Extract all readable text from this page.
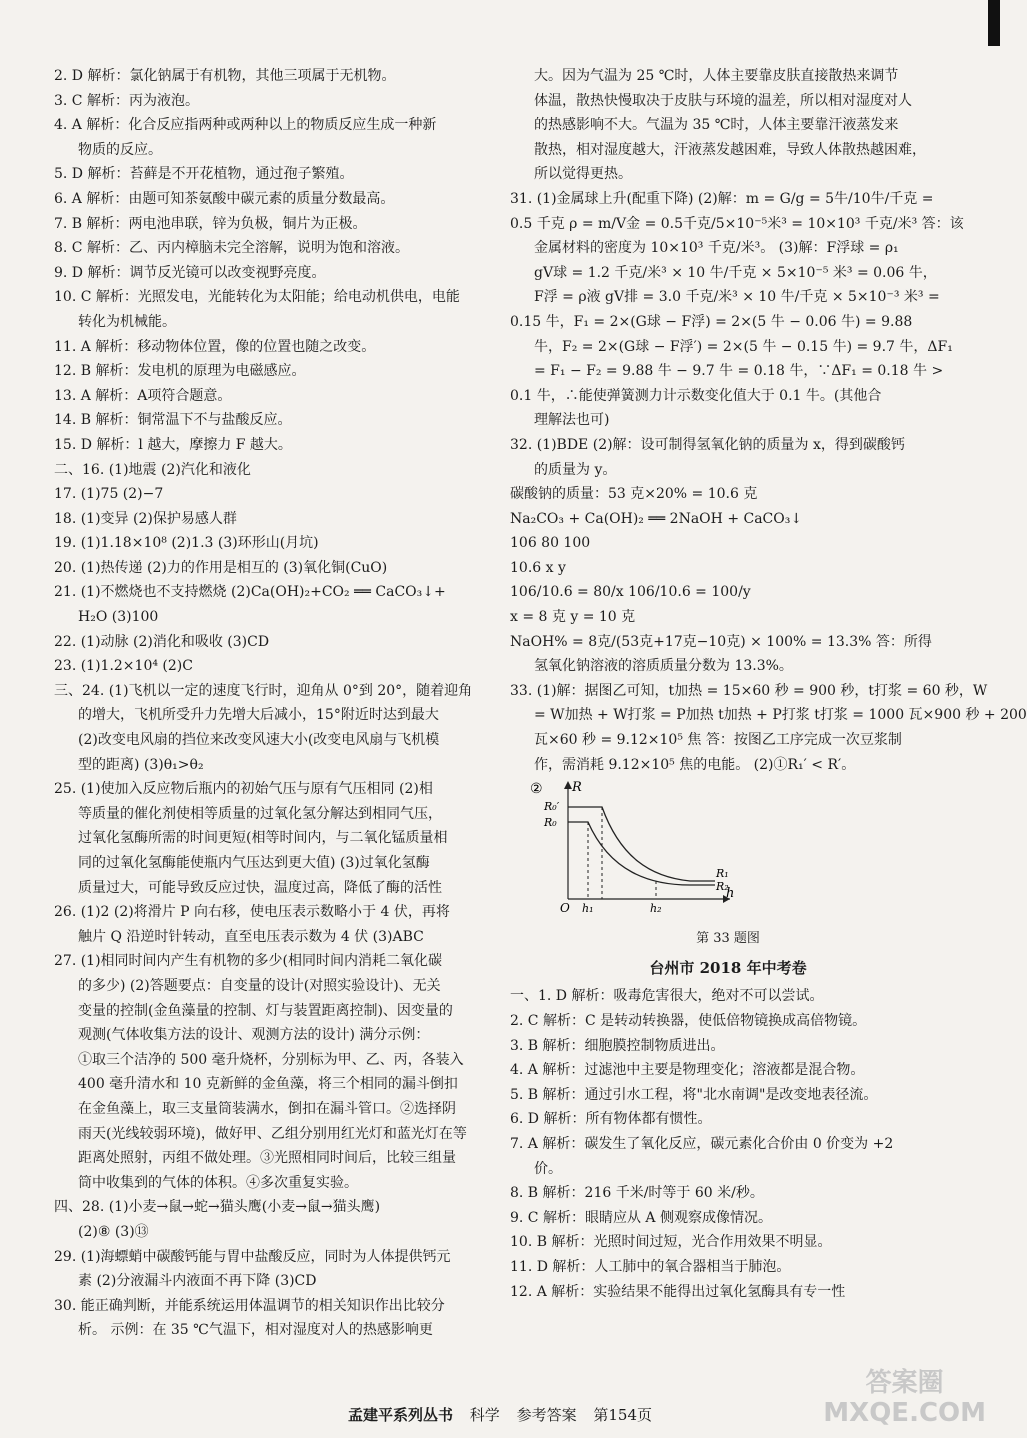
2. D 解析：氯化钠属于有机物，其他三项属于无机物。
3. C 解析：丙为液泡。
4. A 解析：化合反应指两种或两种以上的物质反应生成一种新
物质的反应。
5. D 解析：苔藓是不开花植物，通过孢子繁殖。
6. A 解析：由题可知茶氨酸中碳元素的质量分数最高。
7. B 解析：两电池串联，锌为负极，铜片为正极。
8. C 解析：乙、丙内樟脑未完全溶解，说明为饱和溶液。
9. D 解析：调节反光镜可以改变视野亮度。
10. C 解析：光照发电，光能转化为太阳能；给电动机供电，电能
转化为机械能。
11. A 解析：移动物体位置，像的位置也随之改变。
12. B 解析：发电机的原理为电磁感应。
13. A 解析：A项符合题意。
14. B 解析：铜常温下不与盐酸反应。
15. D 解析：l 越大，摩擦力 F 越大。
二、16. (1)地震 (2)汽化和液化
17. (1)75 (2)−7
18. (1)变异 (2)保护易感人群
19. (1)1.18×10⁸ (2)1.3 (3)环形山(月坑)
20. (1)热传递 (2)力的作用是相互的 (3)氧化铜(CuO)
21. (1)不燃烧也不支持燃烧 (2)Ca(OH)₂+CO₂ ══ CaCO₃↓+
H₂O (3)100
22. (1)动脉 (2)消化和吸收 (3)CD
23. (1)1.2×10⁴ (2)C
三、24. (1)飞机以一定的速度飞行时，迎角从 0°到 20°，随着迎角
的增大，飞机所受升力先增大后减小，15°附近时达到最大
(2)改变电风扇的挡位来改变风速大小(改变电风扇与飞机模
型的距离) (3)θ₁>θ₂
25. (1)使加入反应物后瓶内的初始气压与原有气压相同 (2)相
等质量的催化剂使相等质量的过氧化氢分解达到相同气压，
过氧化氢酶所需的时间更短(相等时间内，与二氧化锰质量相
同的过氧化氢酶能使瓶内气压达到更大值) (3)过氧化氢酶
质量过大，可能导致反应过快，温度过高，降低了酶的活性
26. (1)2 (2)将滑片 P 向右移，使电压表示数略小于 4 伏，再将
触片 Q 沿逆时针转动，直至电压表示数为 4 伏 (3)ABC
27. (1)相同时间内产生有机物的多少(相同时间内消耗二氧化碳
的多少) (2)答题要点：自变量的设计(对照实验设计)、无关
变量的控制(金鱼藻量的控制、灯与装置距离控制)、因变量的
观测(气体收集方法的设计、观测方法的设计) 满分示例：
①取三个洁净的 500 毫升烧杯，分别标为甲、乙、丙，各装入
400 毫升清水和 10 克新鲜的金鱼藻，将三个相同的漏斗倒扣
在金鱼藻上，取三支量筒装满水，倒扣在漏斗管口。②选择阴
雨天(光线较弱环境)，做好甲、乙组分别用红光灯和蓝光灯在等
距离处照射，丙组不做处理。③光照相同时间后，比较三组量
筒中收集到的气体的体积。④多次重复实验。
四、28. (1)小麦→鼠→蛇→猫头鹰(小麦→鼠→猫头鹰)
(2)⑧ (3)⑬
29. (1)海螵蛸中碳酸钙能与胃中盐酸反应，同时为人体提供钙元
素 (2)分液漏斗内液面不再下降 (3)CD
30. 能正确判断，并能系统运用体温调节的相关知识作出比较分
析。 示例：在 35 ℃气温下，相对湿度对人的热感影响更
大。因为气温为 25 ℃时，人体主要靠皮肤直接散热来调节
体温，散热快慢取决于皮肤与环境的温差，所以相对湿度对人
的热感影响不大。气温为 35 ℃时，人体主要靠汗液蒸发来
散热，相对湿度越大，汗液蒸发越困难，导致人体散热越困难，
所以觉得更热。
31. (1)金属球上升(配重下降) (2)解：m = G/g = 5牛/10牛/千克 =
0.5 千克 ρ = m/V金 = 0.5千克/5×10⁻⁵米³ = 10×10³ 千克/米³ 答：该
金属材料的密度为 10×10³ 千克/米³。 (3)解：F浮球 = ρ₁
gV球 = 1.2 千克/米³ × 10 牛/千克 × 5×10⁻⁵ 米³ = 0.06 牛，
F浮 = ρ液 gV排 = 3.0 千克/米³ × 10 牛/千克 × 5×10⁻³ 米³ =
0.15 牛，F₁ = 2×(G球 − F浮) = 2×(5 牛 − 0.06 牛) = 9.88
牛，F₂ = 2×(G球 − F浮′) = 2×(5 牛 − 0.15 牛) = 9.7 牛，ΔF₁
= F₁ − F₂ = 9.88 牛 − 9.7 牛 = 0.18 牛，∵ΔF₁ = 0.18 牛 >
0.1 牛，∴能使弹簧测力计示数变化值大于 0.1 牛。(其他合
理解法也可)
32. (1)BDE (2)解：设可制得氢氧化钠的质量为 x，得到碳酸钙
的质量为 y。
碳酸钠的质量：53 克×20% = 10.6 克
Na₂CO₃ + Ca(OH)₂ ══ 2NaOH + CaCO₃↓
106 80 100
10.6 x y
106/10.6 = 80/x 106/10.6 = 100/y
x = 8 克 y = 10 克
NaOH% = 8克/(53克+17克−10克) × 100% = 13.3% 答：所得
氢氧化钠溶液的溶质质量分数为 13.3%。
33. (1)解：据图乙可知，t加热 = 15×60 秒 = 900 秒，t打浆 = 60 秒，W
= W加热 + W打浆 = P加热 t加热 + P打浆 t打浆 = 1000 瓦×900 秒 + 200
瓦×60 秒 = 9.12×10⁵ 焦 答：按图乙工序完成一次豆浆制
作，需消耗 9.12×10⁵ 焦的电能。 (2)①R₁′ < R′。
② R
h
R₀′
R₀
O h₁	h₂
R₁
R₂
第 33 题图
台州市 2018 年中考卷
一、1. D 解析：吸毒危害很大，绝对不可以尝试。
2. C 解析：C 是转动转换器，使低倍物镜换成高倍物镜。
3. B 解析：细胞膜控制物质进出。
4. A 解析：过滤池中主要是物理变化；溶液都是混合物。
5. B 解析：通过引水工程，将"北水南调"是改变地表径流。
6. D 解析：所有物体都有惯性。
7. A 解析：碳发生了氧化反应，碳元素化合价由 0 价变为 +2
价。
8. B 解析：216 千米/时等于 60 米/秒。
9. C 解析：眼睛应从 A 侧观察成像情况。
10. B 解析：光照时间过短，光合作用效果不明显。
11. D 解析：人工肺中的氧合器相当于肺泡。
12. A 解析：实验结果不能得出过氧化氢酶具有专一性
孟建平系列丛书 科学 参考答案 第154页
答案圈
MXQE.COM
